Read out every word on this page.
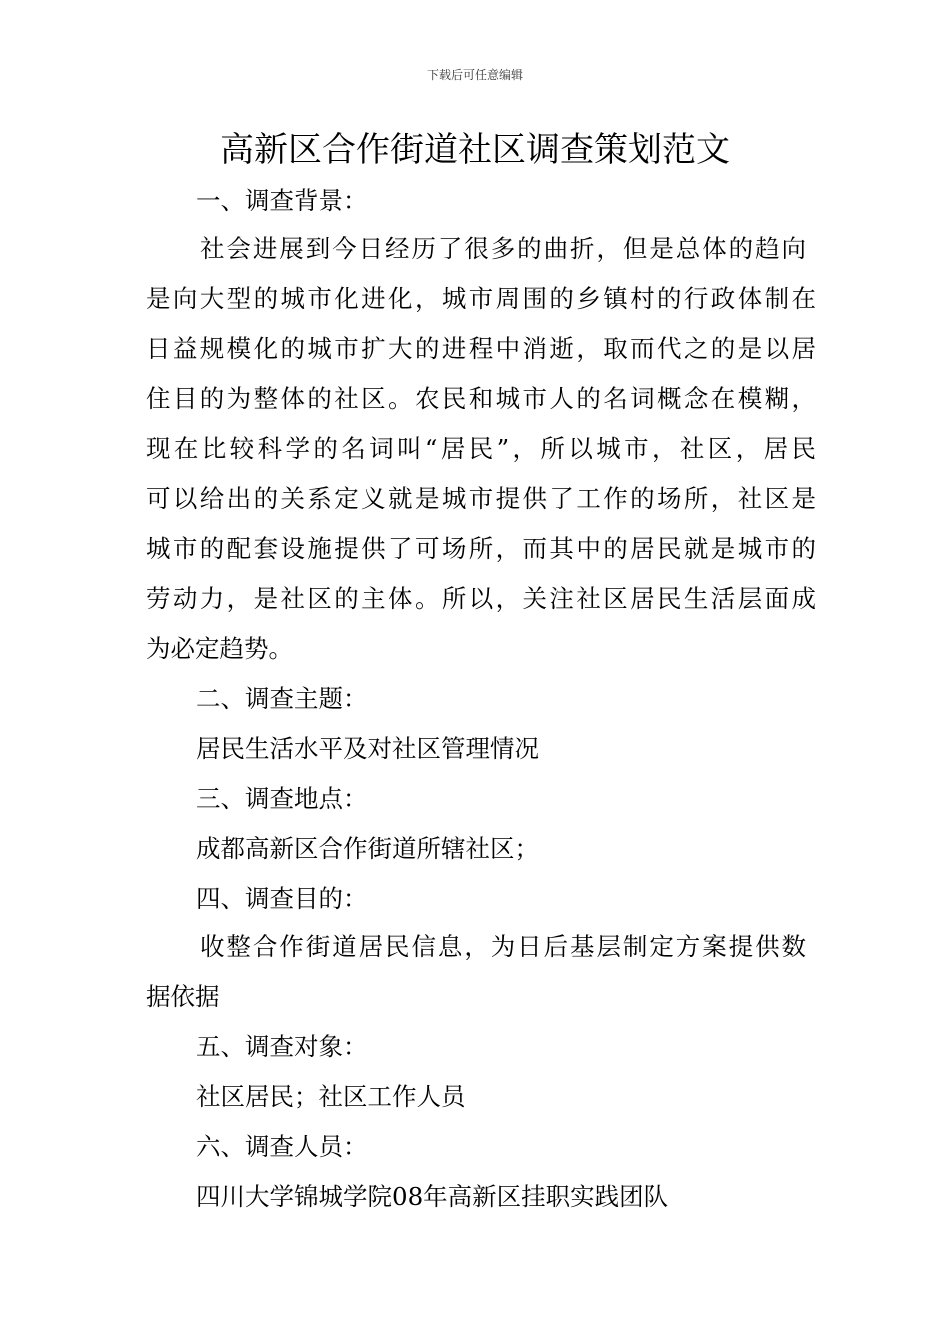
下载后可任意编辑
高新区合作街道社区调查策划范文
一、调查背景：
社会进展到今日经历了很多的曲折，但是总体的趋向
是向大型的城市化进化，城市周围的乡镇村的行政体制在
日益规模化的城市扩大的进程中消逝，取而代之的是以居
住目的为整体的社区。农民和城市人的名词概念在模糊，
现在比较科学的名词叫“居民”，所以城市，社区，居民
可以给出的关系定义就是城市提供了工作的场所，社区是
城市的配套设施提供了可场所，而其中的居民就是城市的
劳动力，是社区的主体。所以，关注社区居民生活层面成
为必定趋势。
二、调查主题：
居民生活水平及对社区管理情况
三、调查地点：
成都高新区合作街道所辖社区；
四、调查目的：
收整合作街道居民信息，为日后基层制定方案提供数
据依据
五、调查对象：
社区居民；社区工作人员
六、调查人员：
四川大学锦城学院08年高新区挂职实践团队
